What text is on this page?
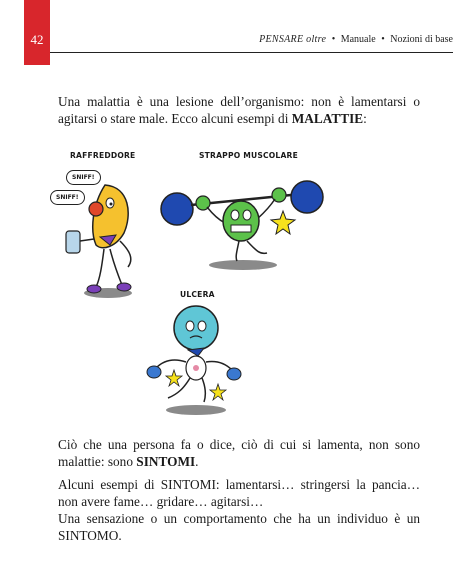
42	PENSARE oltre • Manuale • Nozioni di base

Una malattia è una lesione dell’organismo: non è lamentarsi o agitarsi o stare male. Ecco alcuni esempi di MALATTIE:

RAFFREDDORE
SNIFF!
SNIFF!
STRAPPO MUSCOLARE
ULCERA

Ciò che una persona fa o dice, ciò di cui si lamenta, non sono malattie: sono SINTOMI.

Alcuni esempi di SINTOMI: lamentarsi… stringersi la pancia… non avere fame… gridare… agitarsi…

Una sensazione o un comportamento che ha un individuo è un SINTOMO.
